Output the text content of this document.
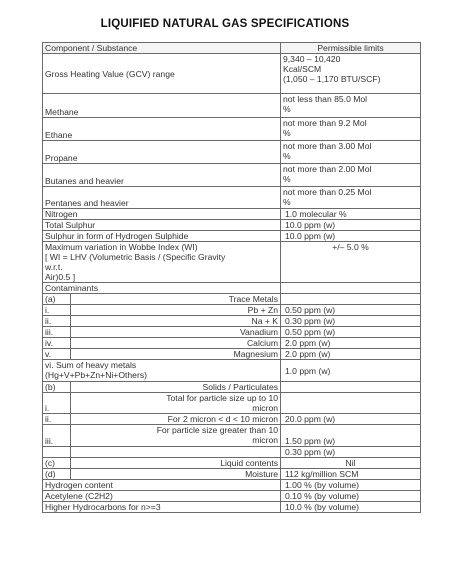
LIQUIFIED NATURAL GAS SPECIFICATIONS
Component / Substance		Permissible limits
Gross Heating Value (GCV) range		9,340 – 10,420
Kcal/SCM
(1,050 – 1,170 BTU/SCF)

Methane		not less than 85.0 Mol
%

Ethane		not more than 9.2 Mol
%

Propane		not more than 3.00 Mol
%

Butanes and heavier		not more than 2.00 Mol
%

Pentanes and heavier		not more than 0.25 Mol
%

Nitrogen		1.0 molecular %
Total Sulphur		10.0 ppm (w)
Sulphur in form of Hydrogen Sulphide		10.0 ppm (w)

Maximum variation in Wobbe Index (WI)
[ WI = LHV (Volumetric Basis / (Specific Gravity
w.r.t.
Air)0.5 ]		+/– 5.0 %
Contaminants		
(a)	Trace Metals	
i.	Pb + Zn	0.50 ppm (w)
ii.	Na + K	0.30 ppm (w)
iii.	Vanadium	0.50 ppm (w)
iv.	Calcium	2.0 ppm (w)
v.	Magnesium	2.0 ppm (w)

vi. Sum of heavy metals
(Hg+V+Pb+Zn+Ni+Others)		1.0 ppm (w)
(b)	Solids / Particulates	
i.	Total for particle size up to 10
micron	

ii.	For 2 micron < d < 10 micron	20.0 ppm (w)
iii.	For particle size greater than 10
micron	1.50 ppm (w)
		0.30 ppm (w)
(c)	Liquid contents	Nil
(d)	Moisture	112 kg/million SCM
Hydrogen content		1.00 % (by volume)
Acetylene (C2H2)		0.10 % (by volume)
Higher Hydrocarbons for n>=3		10.0 % (by volume)
